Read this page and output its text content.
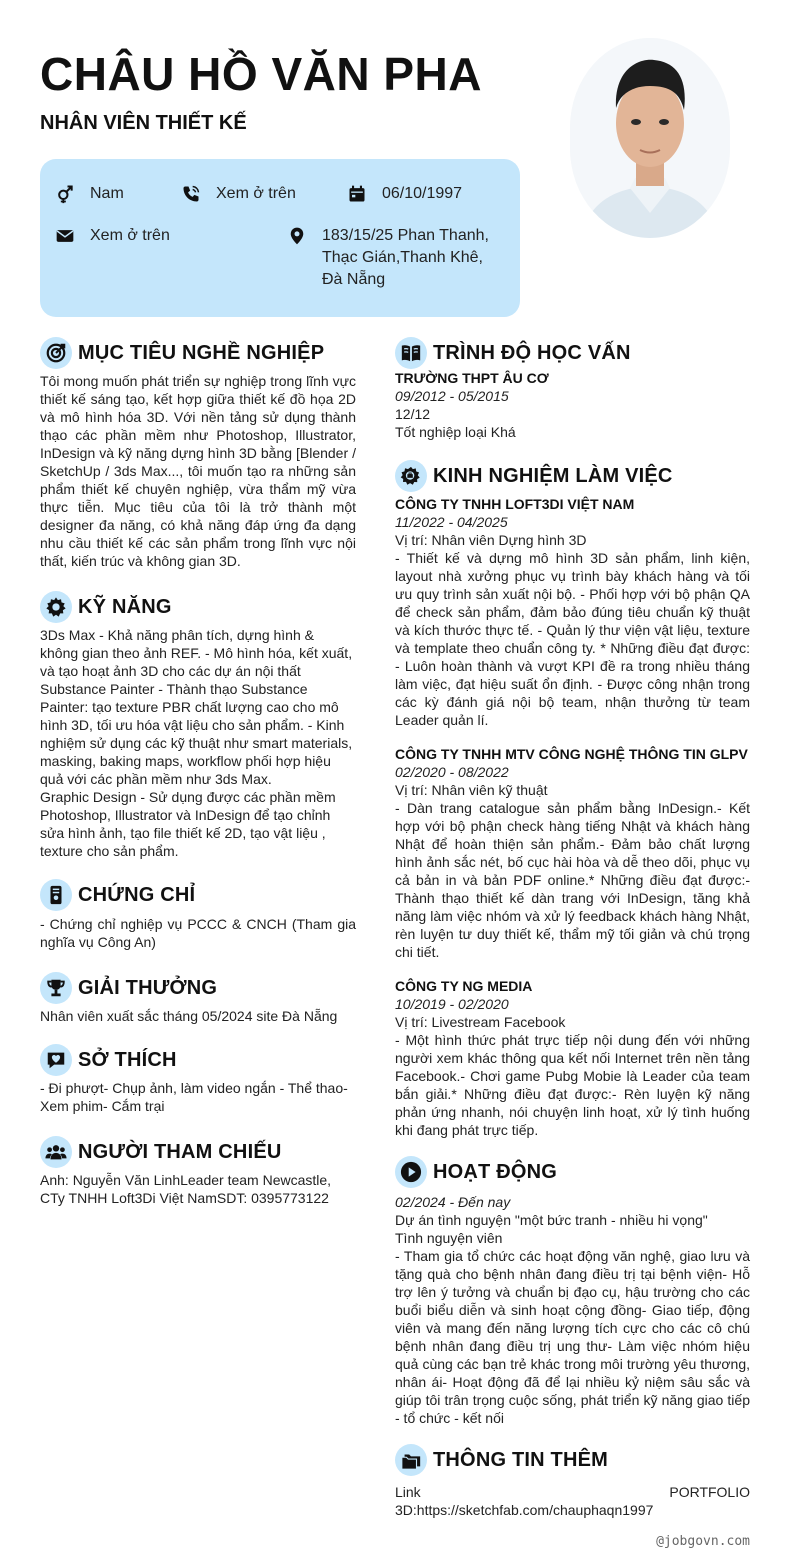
CHÂU HỒ VĂN PHA
NHÂN VIÊN THIẾT KẾ
Nam	Xem ở trên	06/10/1997
Xem ở trên	183/15/25 Phan Thanh, Thạc Gián,Thanh Khê, Đà Nẵng
MỤC TIÊU NGHỀ NGHIỆP
Tôi mong muốn phát triển sự nghiệp trong lĩnh vực thiết kế sáng tạo, kết hợp giữa thiết kế đồ họa 2D và mô hình hóa 3D. Với nền tảng sử dụng thành thạo các phần mềm như Photoshop, Illustrator, InDesign và kỹ năng dựng hình 3D bằng [Blender / SketchUp / 3ds Max..., tôi muốn tạo ra những sản phẩm thiết kế chuyên nghiệp, vừa thẩm mỹ vừa thực tiễn. Mục tiêu của tôi là trở thành một designer đa năng, có khả năng đáp ứng đa dạng nhu cầu thiết kế các sản phẩm trong lĩnh vực nội thất, kiến trúc và không gian 3D.
KỸ NĂNG
3Ds Max - Khả năng phân tích, dựng hình & không gian theo ảnh REF. - Mô hình hóa, kết xuất, và tạo hoạt ảnh 3D cho các dự án nội thất
Substance Painter - Thành thạo Substance Painter: tạo texture PBR chất lượng cao cho mô hình 3D, tối ưu hóa vật liệu cho sản phẩm. - Kinh nghiệm sử dụng các kỹ thuật như smart materials, masking, baking maps, workflow phối hợp hiệu quả với các phần mềm như 3ds Max.
Graphic Design - Sử dụng được các phần mềm Photoshop, Illustrator và InDesign để tạo chỉnh sửa hình ảnh, tạo file thiết kế 2D, tạo vật liệu , texture cho sản phẩm.
CHỨNG CHỈ
- Chứng chỉ nghiệp vụ PCCC & CNCH (Tham gia nghĩa vụ Công An)
GIẢI THƯỞNG
Nhân viên xuất sắc tháng 05/2024 site Đà Nẵng
SỞ THÍCH
- Đi phượt- Chụp ảnh, làm video ngắn - Thể thao- Xem phim- Cắm trại
NGƯỜI THAM CHIẾU
Anh: Nguyễn Văn LinhLeader team Newcastle, CTy TNHH Loft3Di Việt NamSDT: 0395773122
TRÌNH ĐỘ HỌC VẤN
TRƯỜNG THPT ÂU CƠ
09/2012 - 05/2015
12/12
Tốt nghiệp loại Khá
KINH NGHIỆM LÀM VIỆC
CÔNG TY TNHH LOFT3DI VIỆT NAM
11/2022 - 04/2025
Vị trí: Nhân viên Dựng hình 3D
- Thiết kế và dựng mô hình 3D sản phẩm, linh kiện, layout nhà xưởng phục vụ trình bày khách hàng và tối ưu quy trình sản xuất nội bộ. - Phối hợp với bộ phận QA để check sản phẩm, đảm bảo đúng tiêu chuẩn kỹ thuật và kích thước thực tế. - Quản lý thư viện vật liệu, texture và template theo chuẩn công ty. * Những điều đạt được: - Luôn hoàn thành và vượt KPI đề ra trong nhiều tháng làm việc, đạt hiệu suất ổn định. - Được công nhận trong các kỳ đánh giá nội bộ team, nhận thưởng từ team Leader quản lí.
CÔNG TY TNHH MTV CÔNG NGHỆ THÔNG TIN GLPV
02/2020 - 08/2022
Vị trí: Nhân viên kỹ thuật
- Dàn trang catalogue sản phẩm bằng InDesign.- Kết hợp với bộ phận check hàng tiếng Nhật và khách hàng Nhật để hoàn thiện sản phẩm.- Đảm bảo chất lượng hình ảnh sắc nét, bố cục hài hòa và dễ theo dõi, phục vụ cả bản in và bản PDF online.* Những điều đạt được:- Thành thạo thiết kế dàn trang với InDesign, tăng khả năng làm việc nhóm và xử lý feedback khách hàng Nhật, rèn luyện tư duy thiết kế, thẩm mỹ tối giản và chú trọng chi tiết.
CÔNG TY NG MEDIA
10/2019 - 02/2020
Vị trí: Livestream Facebook
- Một hình thức phát trực tiếp nội dung đến với những người xem khác thông qua kết nối Internet trên nền tảng Facebook.- Chơi game Pubg Mobie là Leader của team bắn giải.* Những điều đạt được:- Rèn luyện kỹ năng phản ứng nhanh, nói chuyện linh hoạt, xử lý tình huống khi đang phát trực tiếp.
HOẠT ĐỘNG
02/2024 - Đến nay
Dự án tình nguyện "một bức tranh - nhiều hi vọng"
Tình nguyện viên
- Tham gia tổ chức các hoạt động văn nghệ, giao lưu và tặng quà cho bệnh nhân đang điều trị tại bệnh viện- Hỗ trợ lên ý tưởng và chuẩn bị đạo cụ, hậu trường cho các buổi biểu diễn và sinh hoạt cộng đồng- Giao tiếp, động viên và mang đến năng lượng tích cực cho các cô chú bệnh nhân đang điều trị ung thư- Làm việc nhóm hiệu quả cùng các bạn trẻ khác trong môi trường yêu thương, nhân ái- Hoạt động đã để lại nhiều kỷ niệm sâu sắc và giúp tôi trân trọng cuộc sống, phát triển kỹ năng giao tiếp - tổ chức - kết nối
THÔNG TIN THÊM
Link PORTFOLIO 3D:https://sketchfab.com/chauphaqn1997
@jobgovn.com
